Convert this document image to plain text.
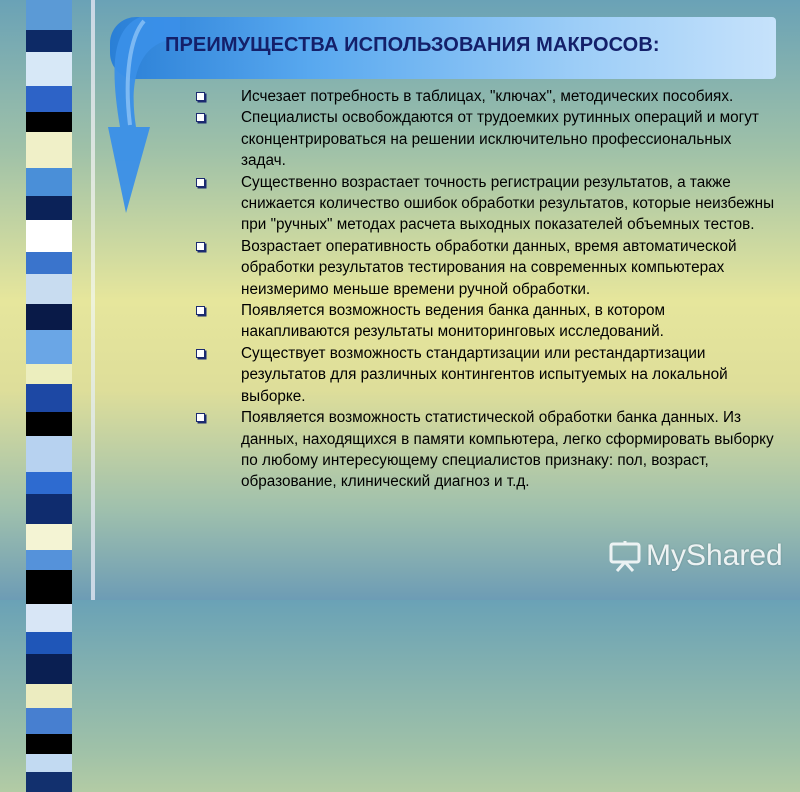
ПРЕИМУЩЕСТВА ИСПОЛЬЗОВАНИЯ МАКРОСОВ:
Исчезает потребность в таблицах, "ключах", методических пособиях.
Специалисты освобождаются от трудоемких рутинных операций и могут сконцентрироваться на решении исключительно профессиональных задач.
Существенно возрастает точность регистрации результатов, а также снижается количество ошибок обработки результатов, которые неизбежны при "ручных" методах расчета выходных показателей объемных тестов.
Возрастает оперативность обработки данных, время автоматической обработки результатов тестирования на современных компьютерах неизмеримо меньше времени ручной обработки.
Появляется возможность ведения банка данных, в котором накапливаются результаты мониторинговых исследований.
Существует возможность стандартизации или рестандартизации результатов для различных контингентов испытуемых на локальной выборке.
Появляется возможность статистической обработки банка данных. Из данных, находящихся в памяти компьютера, легко сформировать выборку по любому интересующему специалистов признаку: пол, возраст, образование, клинический диагноз и т.д.
MyShared
